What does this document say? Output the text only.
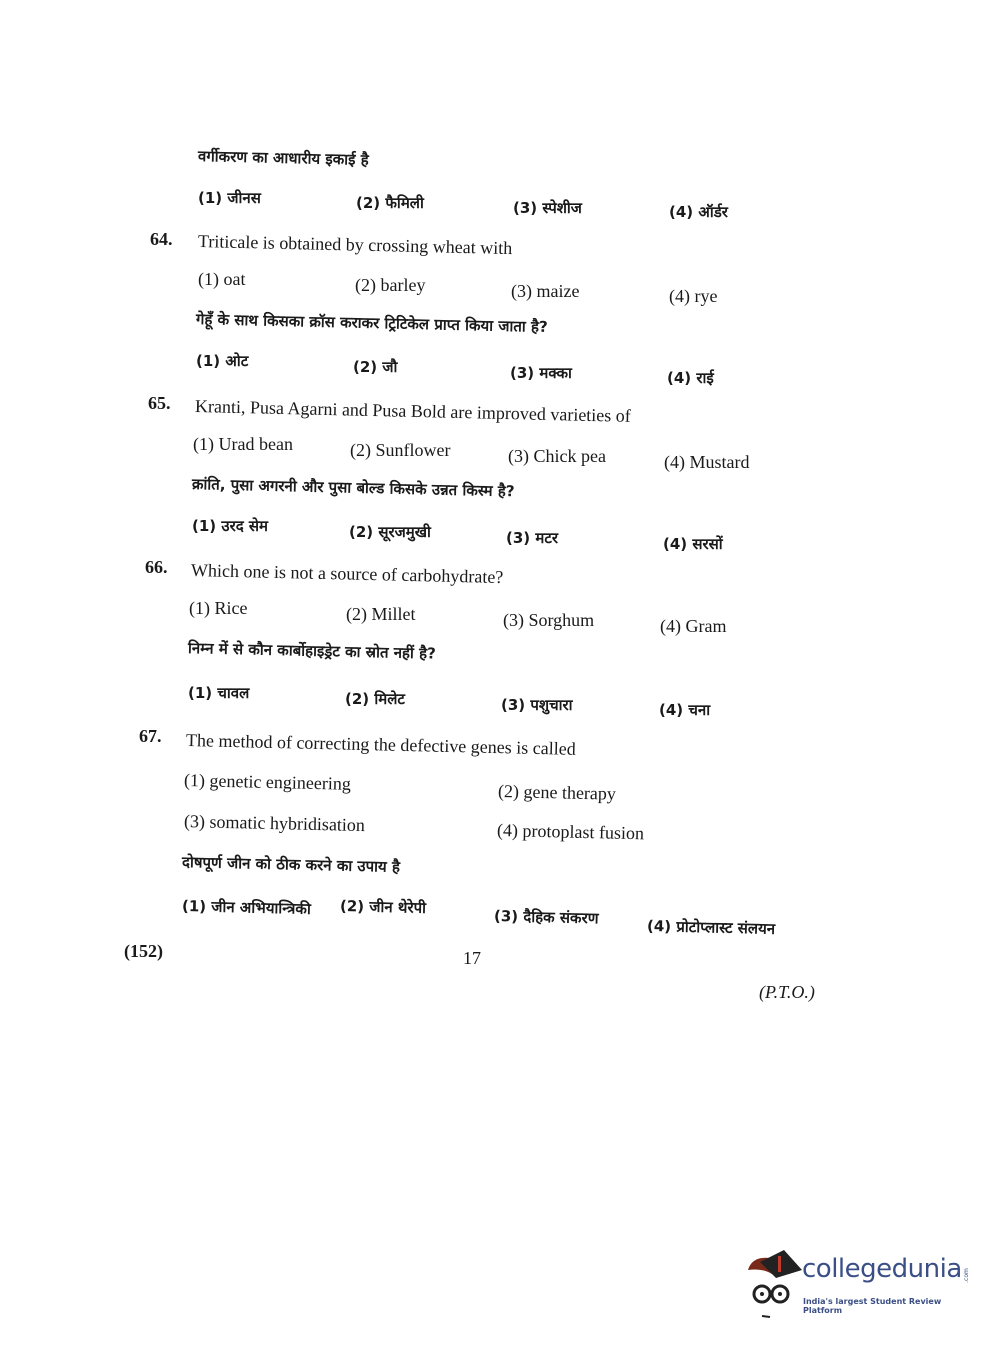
वर्गीकरण का आधारीय इकाई है
(1) जीनस	(2) फैमिली	(3) स्पेशीज	(4) ऑर्डर
64. Triticale is obtained by crossing wheat with
(1) oat	(2) barley	(3) maize	(4) rye
गेहूँ के साथ किसका क्रॉस कराकर ट्रिटिकेल प्राप्त किया जाता है?
(1) ओट	(2) जौ	(3) मक्का	(4) राई
65. Kranti, Pusa Agarni and Pusa Bold are improved varieties of
(1) Urad bean	(2) Sunflower	(3) Chick pea	(4) Mustard
क्रांति, पुसा अगरनी और पुसा बोल्ड किसके उन्नत किस्म है?
(1) उरद सेम	(2) सूरजमुखी	(3) मटर	(4) सरसों
66. Which one is not a source of carbohydrate?
(1) Rice	(2) Millet	(3) Sorghum	(4) Gram
निम्न में से कौन कार्बोहाइड्रेट का स्रोत नहीं है?
(1) चावल	(2) मिलेट	(3) पशुचारा	(4) चना
67. The method of correcting the defective genes is called
(1) genetic engineering	(2) gene therapy
(3) somatic hybridisation	(4) protoplast fusion
दोषपूर्ण जीन को ठीक करने का उपाय है
(1) जीन अभियान्त्रिकी (2) जीन थेरेपी
(3) दैहिक संकरण	(4) प्रोटोप्लास्ट संलयन
(152)	17
(P.T.O.)
collegedunia .com
India's largest Student Review Platform
